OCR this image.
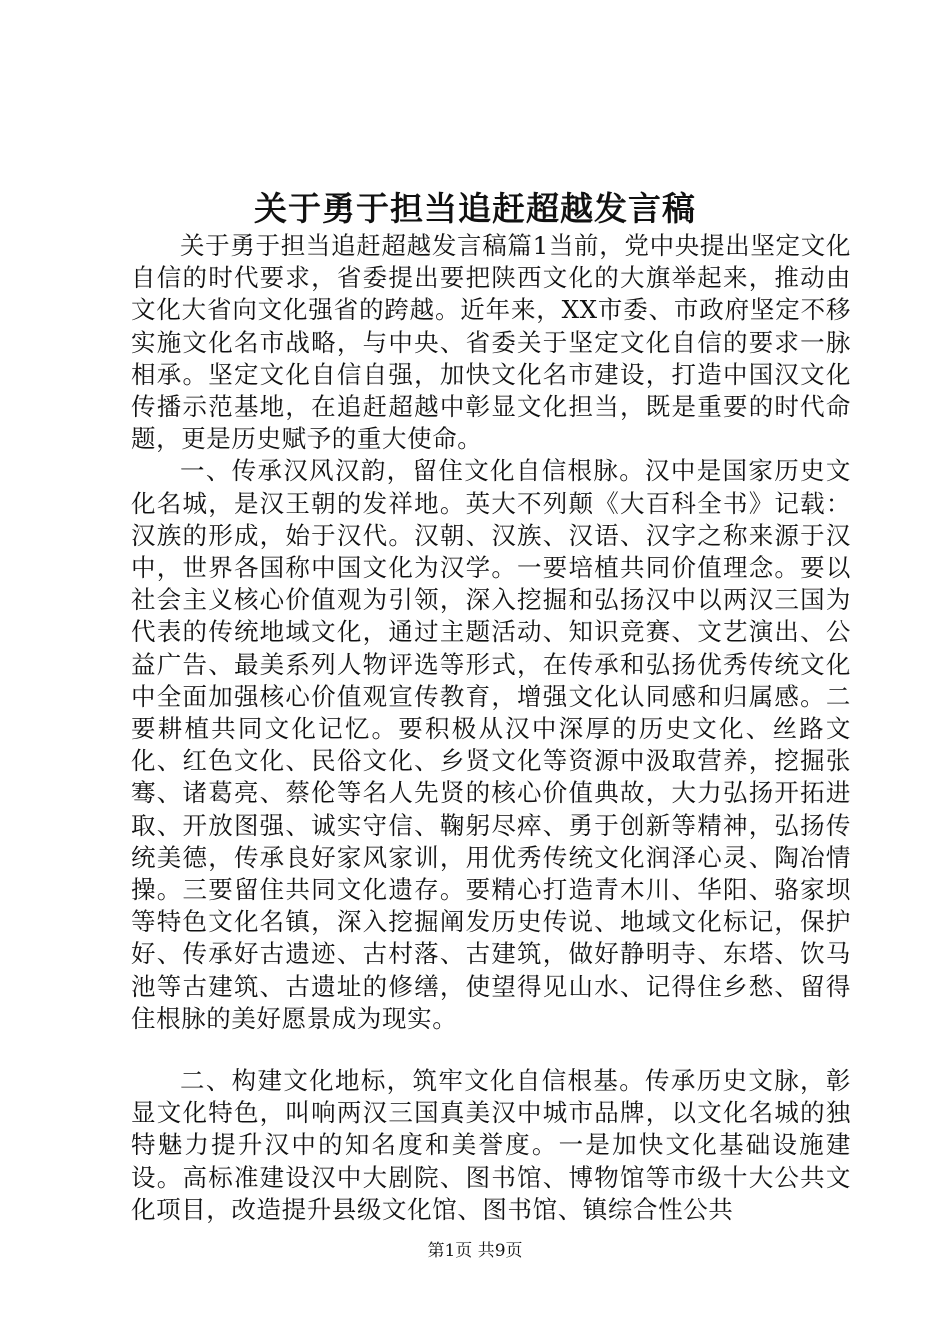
关于勇于担当追赶超越发言稿

关于勇于担当追赶超越发言稿篇1当前，党中央提出坚定文化自信的时代要求，省委提出要把陕西文化的大旗举起来，推动由文化大省向文化强省的跨越。近年来，XX市委、市政府坚定不移实施文化名市战略，与中央、省委关于坚定文化自信的要求一脉相承。坚定文化自信自强，加快文化名市建设，打造中国汉文化传播示范基地，在追赶超越中彰显文化担当，既是重要的时代命题，更是历史赋予的重大使命。

一、传承汉风汉韵，留住文化自信根脉。汉中是国家历史文化名城，是汉王朝的发祥地。英大不列颠《大百科全书》记载：汉族的形成，始于汉代。汉朝、汉族、汉语、汉字之称来源于汉中，世界各国称中国文化为汉学。一要培植共同价值理念。要以社会主义核心价值观为引领，深入挖掘和弘扬汉中以两汉三国为代表的传统地域文化，通过主题活动、知识竞赛、文艺演出、公益广告、最美系列人物评选等形式，在传承和弘扬优秀传统文化中全面加强核心价值观宣传教育，增强文化认同感和归属感。二要耕植共同文化记忆。要积极从汉中深厚的历史文化、丝路文化、红色文化、民俗文化、乡贤文化等资源中汲取营养，挖掘张骞、诸葛亮、蔡伦等名人先贤的核心价值典故，大力弘扬开拓进取、开放图强、诚实守信、鞠躬尽瘁、勇于创新等精神，弘扬传统美德，传承良好家风家训，用优秀传统文化润泽心灵、陶冶情操。三要留住共同文化遗存。要精心打造青木川、华阳、骆家坝等特色文化名镇，深入挖掘阐发历史传说、地域文化标记，保护好、传承好古遗迹、古村落、古建筑，做好静明寺、东塔、饮马池等古建筑、古遗址的修缮，使望得见山水、记得住乡愁、留得住根脉的美好愿景成为现实。

二、构建文化地标，筑牢文化自信根基。传承历史文脉，彰显文化特色，叫响两汉三国真美汉中城市品牌，以文化名城的独特魅力提升汉中的知名度和美誉度。一是加快文化基础设施建设。高标准建设汉中大剧院、图书馆、博物馆等市级十大公共文化项目，改造提升县级文化馆、图书馆、镇综合性公共

第1页 共9页
